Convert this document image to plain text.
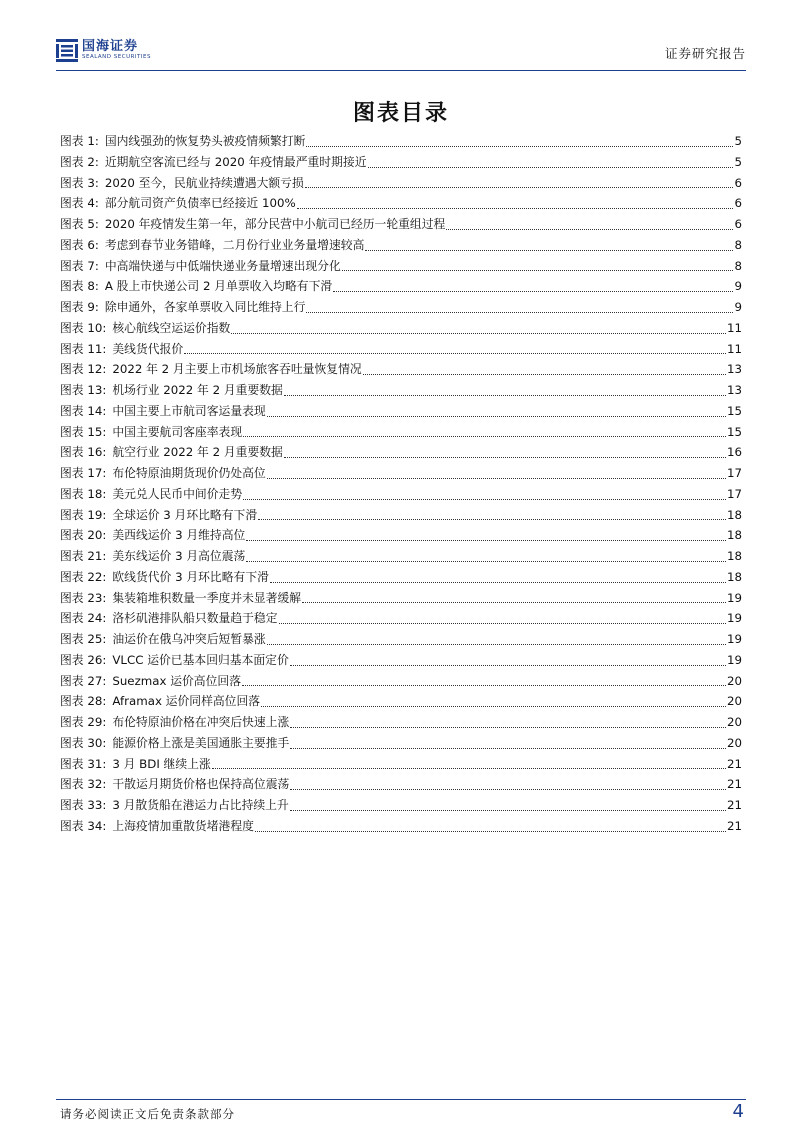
国海证券
SEALAND SECURITIES	证券研究报告
图表目录
图表 1: 国内线强劲的恢复势头被疫情频繁打断	5
图表 2: 近期航空客流已经与 2020 年疫情最严重时期接近	5
图表 3: 2020 至今，民航业持续遭遇大额亏损	6
图表 4: 部分航司资产负债率已经接近 100%	6
图表 5: 2020 年疫情发生第一年，部分民营中小航司已经历一轮重组过程	6
图表 6: 考虑到春节业务错峰，二月份行业业务量增速较高	8
图表 7: 中高端快递与中低端快递业务量增速出现分化	8
图表 8: A 股上市快递公司 2 月单票收入均略有下滑	9
图表 9: 除申通外，各家单票收入同比维持上行	9
图表 10: 核心航线空运运价指数	11
图表 11: 美线货代报价	11
图表 12: 2022 年 2 月主要上市机场旅客吞吐量恢复情况	13
图表 13: 机场行业 2022 年 2 月重要数据	13
图表 14: 中国主要上市航司客运量表现	15
图表 15: 中国主要航司客座率表现	15
图表 16: 航空行业 2022 年 2 月重要数据	16
图表 17: 布伦特原油期货现价仍处高位	17
图表 18: 美元兑人民币中间价走势	17
图表 19: 全球运价 3 月环比略有下滑	18
图表 20: 美西线运价 3 月维持高位	18
图表 21: 美东线运价 3 月高位震荡	18
图表 22: 欧线货代价 3 月环比略有下滑	18
图表 23: 集装箱堆积数量一季度并未显著缓解	19
图表 24: 洛杉矶港排队船只数量趋于稳定	19
图表 25: 油运价在俄乌冲突后短暂暴涨	19
图表 26: VLCC 运价已基本回归基本面定价	19
图表 27: Suezmax 运价高位回落	20
图表 28: Aframax 运价同样高位回落	20
图表 29: 布伦特原油价格在冲突后快速上涨	20
图表 30: 能源价格上涨是美国通胀主要推手	20
图表 31: 3 月 BDI 继续上涨	21
图表 32: 干散运月期货价格也保持高位震荡	21
图表 33: 3 月散货船在港运力占比持续上升	21
图表 34: 上海疫情加重散货堵港程度	21
请务必阅读正文后免责条款部分	4
